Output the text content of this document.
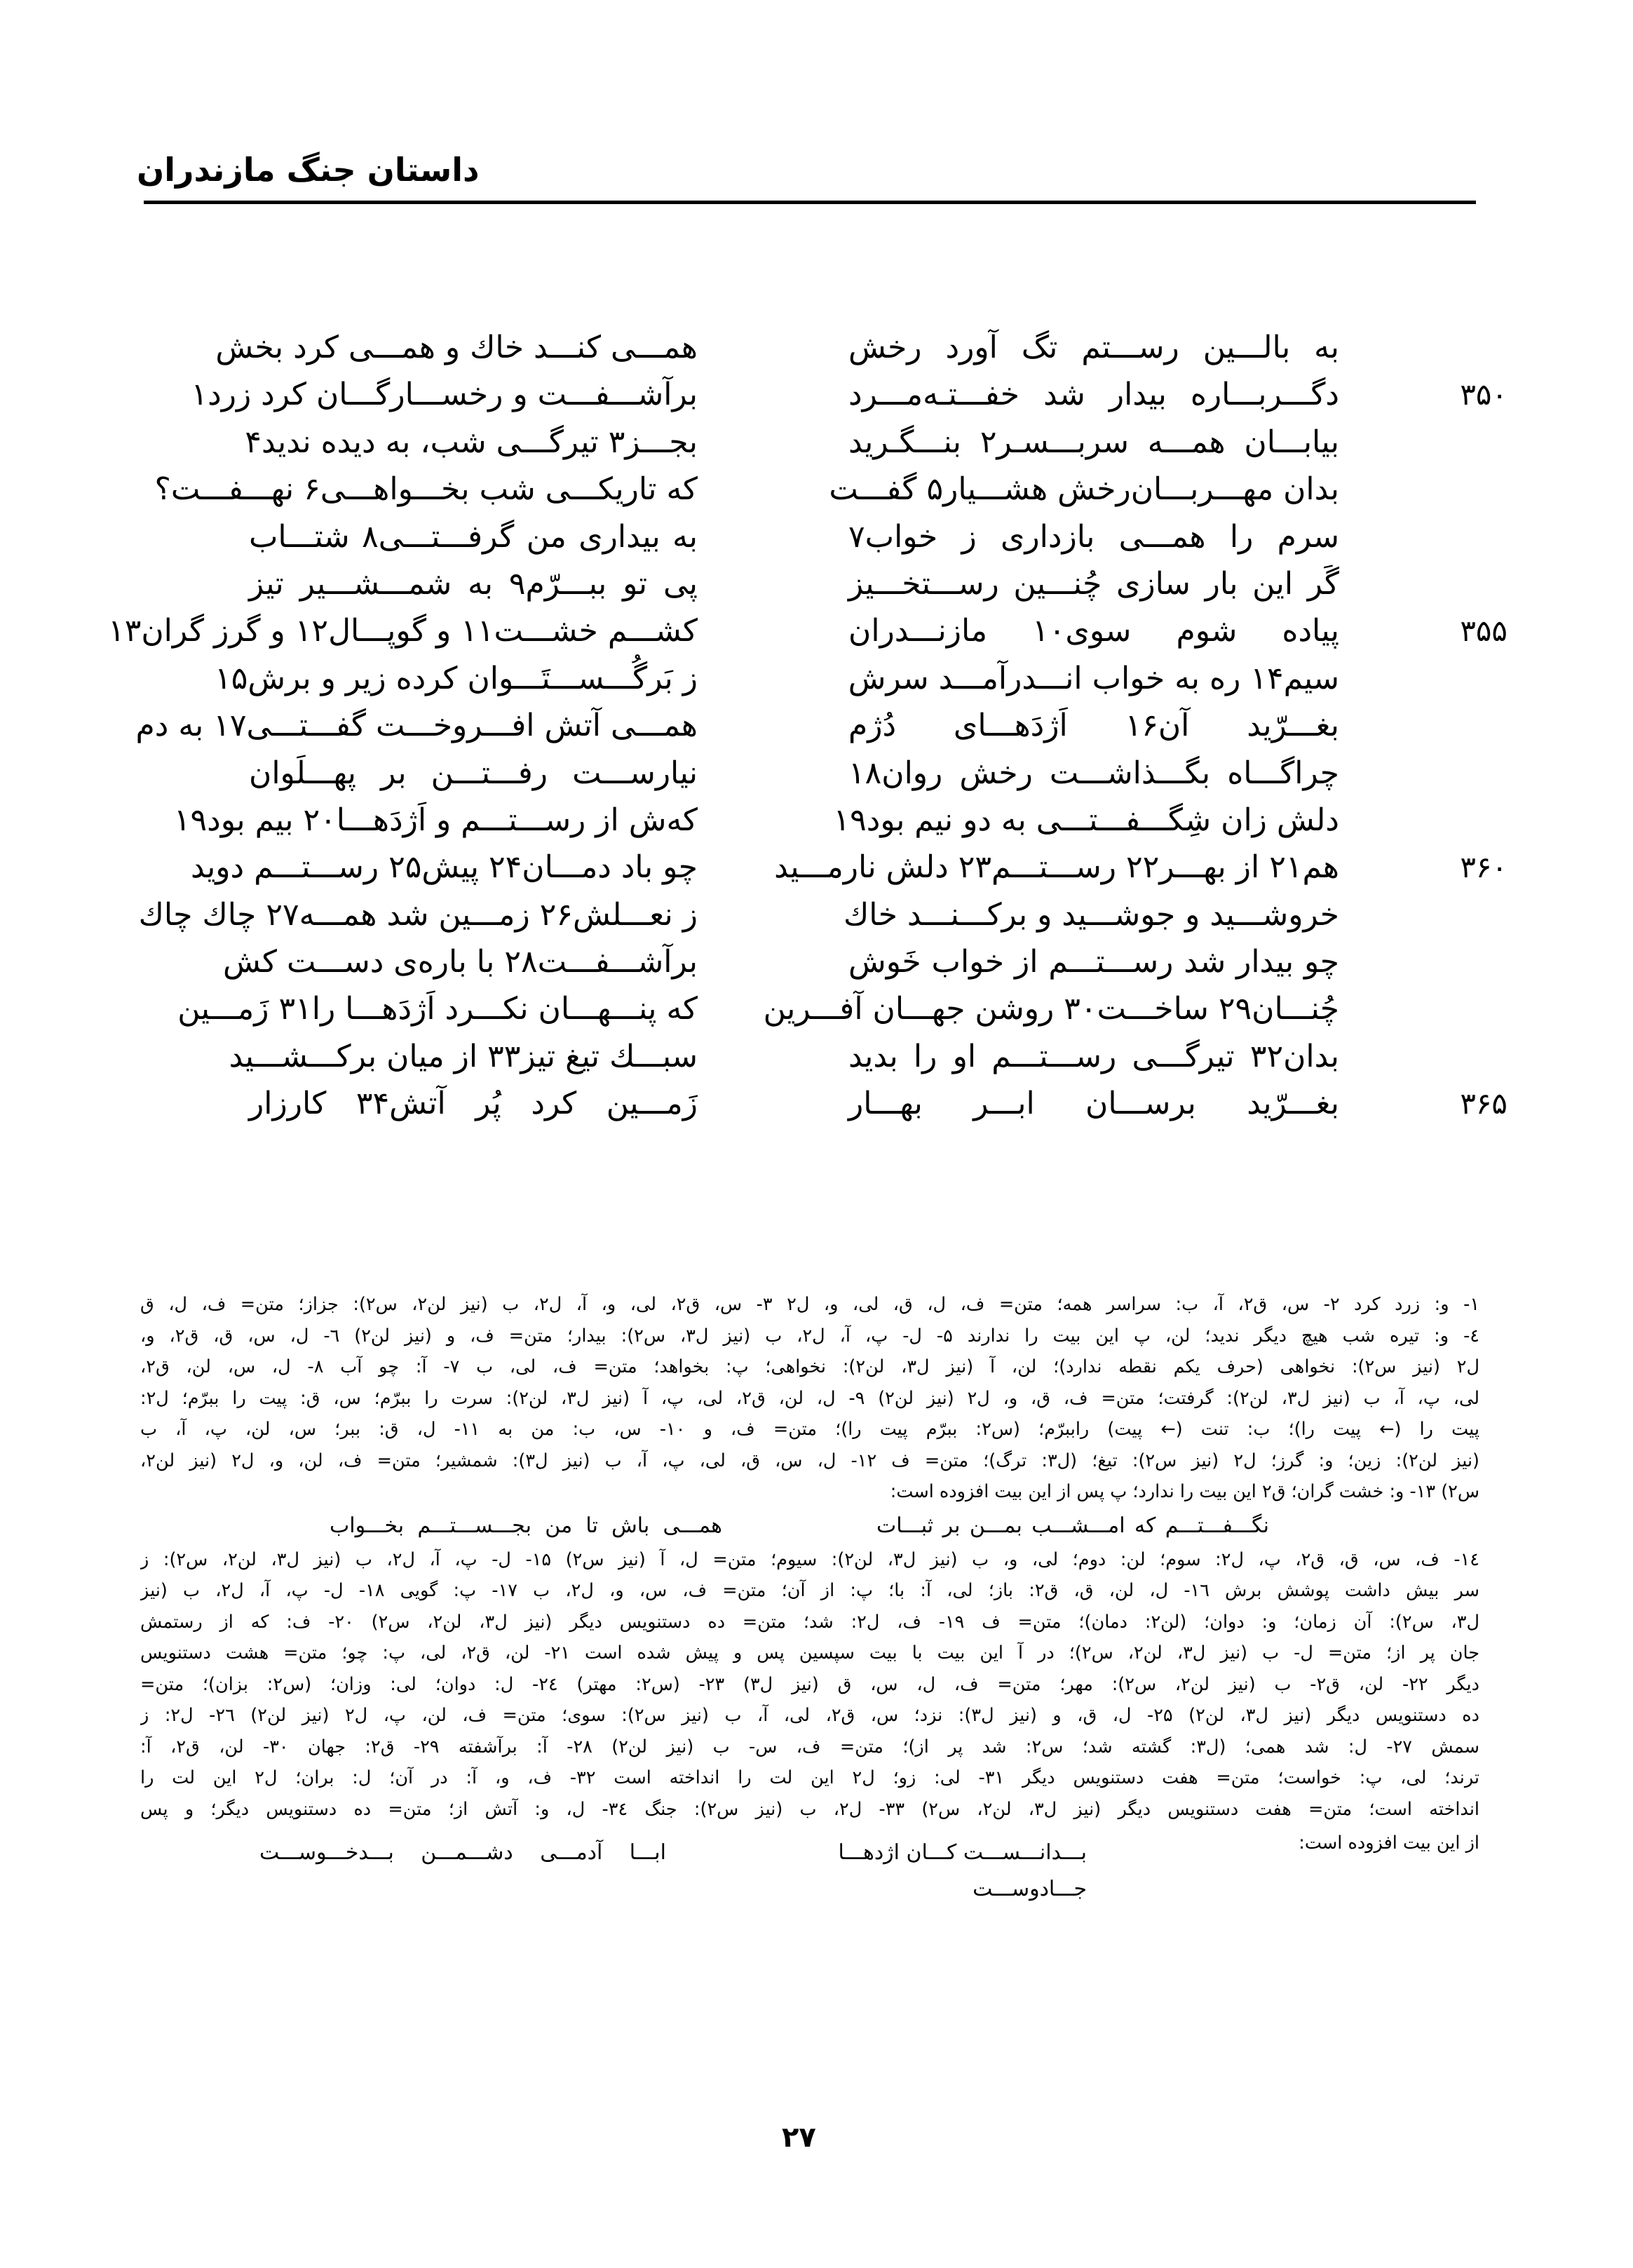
داستان جنگ مازندران
به بالـــین رســـتم تگ آورد رخش
دگـــربـــاره بیدار شد خفـــتـه‌مـــرد	۳۵۰
بیابـــان همـــه سربـــسـر۲ بنـــگـرید
بدان مهـــربـــان‌رخش هشـــیار۵ گفـــت
سرم را همـــی بازداری ز خواب۷
گَر این بار سازی چُنـــین رســـتخـــیز
پیاده شوم سوی۱۰ مازنـــدران	۳۵۵
سیم۱۴ ره به خواب انـــدرآمـــد سرش
بغـــرّید آن۱۶ اَژدَهـــای دُژم
چراگـــاه بگـــذاشـــت رخش روان۱۸
دلش زان شِگـــفـــتـــی به دو نیم بود۱۹
هم۲۱ از بهـــر۲۲ رســـتـــم۲۳ دلش نارمـــید	۳۶۰
خروشـــید و جوشـــید و برکـــنـــد خاك
چو بیدار شد رســـتـــم از خواب خَوش
چُنـــان۲۹ ساخـــت۳۰ روشن جهـــان آفـــرین
بدان۳۲ تیرگـــی رســـتـــم او را بدید
بغـــرّید برســـان ابـــر بهـــار	۳۶۵
همـــی کنـــد خاك و همـــی کرد بخش
برآشـــفـــت و رخســـارگـــان کرد زرد۱
بجـــز۳ تیرگـــی شب، به دیده ندید۴
که تاریکـــی شب بخـــواهـــی۶ نهـــفـــت؟
به بیداری من گرفـــتـــی۸ شتـــاب
پی تو ببـــرّم۹ به شمـــشـــیر تیز
کشـــم خشـــت۱۱ و گوپـــال۱۲ و گرز گران۱۳
ز بَرگُـــســـتَـــوان کرده زیر و برش۱۵
همـــی آتش افـــروخـــت گفـــتـــی۱۷ به دم
نیارســـت رفـــتـــن بر پهـــلَوان
که‌ش از رســـتـــم و اَژدَهـــا۲۰ بیم بود۱۹
چو باد دمـــان۲۴ پیش۲۵ رســـتـــم دوید
ز نعـــلش۲۶ زمـــین شد همـــه۲۷ چاك چاك
برآشـــفـــت۲۸ با باره‌ی دســـت کش
که پنـــهـــان نکـــرد اَژدَهـــا را۳۱ زَمـــین
سبـــك تیغ تیز۳۳ از میان برکـــشـــید
زَمـــین کرد پُر آتش۳۴ کارزار
۱- و: زرد کرد ۲- س، ق۲، آ، ب: سراسر همه؛ متن= ف، ل، ق، لی، و، ل۲ ۳- س، ق۲، لی، و، آ، ل۲، ب (نیز لن۲، س۲): جزاز؛ متن= ف، ل، ق
٤- و: تیره شب هیچ دیگر ندید؛ لن، پ این بیت را ندارند ۵- ل- پ، آ، ل۲، ب (نیز ل۳، س۲): بیدار؛ متن= ف، و (نیز لن۲) ٦- ل، س، ق، ق۲، و،
ل۲ (نیز س۲): نخواهی (حرف یکم نقطه ندارد)؛ لن، آ (نیز ل۳، لن۲): نخواهی؛ پ: بخواهد؛ متن= ف، لی، ب ۷- آ: چو آب ۸- ل، س، لن، ق۲،
لی، پ، آ، ب (نیز ل۳، لن۲): گرفتت؛ متن= ف، ق، و، ل۲ (نیز لن۲) ۹- ل، لن، ق۲، لی، پ، آ (نیز ل۳، لن۲): سرت را ببرّم؛ س، ق: پیت را ببرّم؛ ل۲:
پیت را (← پیت را)؛ ب: تنت (← پیت) راببرّم؛ (س۲: ببرّم پیت را)؛ متن= ف، و ۱۰- س، ب: من به ۱۱- ل، ق: ببر؛ س، لن، پ، آ، ب
(نیز لن۲): زین؛ و: گرز؛ ل۲ (نیز س۲): تیغ؛ (ل۳: ترگ)؛ متن= ف ۱۲- ل، س، ق، لی، پ، آ، ب (نیز ل۳): شمشیر؛ متن= ف، لن، و، ل۲ (نیز لن۲،
س۲) ۱۳- و: خشت گران؛ ق۲ این بیت را ندارد؛ پ پس از این بیت افزوده است:
نگـــفـــتـــم که امـــشـــب بمـــن بر ثبـــات
همـــی باش تا من بجـــســـتـــم بخـــواب
۱٤- ف، س، ق، ق۲، پ، ل۲: سوم؛ لن: دوم؛ لی، و، ب (نیز ل۳، لن۲): سیوم؛ متن= ل، آ (نیز س۲) ۱۵- ل- پ، آ، ل۲، ب (نیز ل۳، لن۲، س۲): ز
سر بیش داشت پوشش برش ۱٦- ل، لن، ق، ق۲: باز؛ لی، آ: با؛ پ: از آن؛ متن= ف، س، و، ل۲، ب ۱۷- پ: گویی ۱۸- ل- پ، آ، ل۲، ب (نیز
ل۳، س۲): آن زمان؛ و: دوان؛ (لن۲: دمان)؛ متن= ف ۱۹- ف، ل۲: شد؛ متن= ده دستنویس دیگر (نیز ل۳، لن۲، س۲) ۲۰- ف: که از رستمش
جان پر از؛ متن= ل- ب (نیز ل۳، لن۲، س۲)؛ در آ این بیت با بیت سپسین پس و پیش شده است ۲۱- لن، ق۲، لی، پ: چو؛ متن= هشت دستنویس
دیگر ۲۲- لن، ق۲- ب (نیز لن۲، س۲): مهر؛ متن= ف، ل، س، ق (نیز ل۳) ۲۳- (س۲: مهتر) ۲٤- ل: دوان؛ لی: وزان؛ (س۲: بزان)؛ متن=
ده دستنویس دیگر (نیز ل۳، لن۲) ۲۵- ل، ق، و (نیز ل۳): نزد؛ س، ق۲، لی، آ، ب (نیز س۲): سوی؛ متن= ف، لن، پ، ل۲ (نیز لن۲) ۲٦- ل۲: ز
سمش ۲۷- ل: شد همی؛ (ل۳: گشته شد؛ س۲: شد پر از)؛ متن= ف، س- ب (نیز لن۲) ۲۸- آ: برآشفته ۲۹- ق۲: جهان ۳۰- لن، ق۲، آ:
ترند؛ لی، پ: خواست؛ متن= هفت دستنویس دیگر ۳۱- لی: زو؛ ل۲ این لت را انداخته است ۳۲- ف، و، آ: در آن؛ ل: بران؛ ل۲ این لت را
انداخته است؛ متن= هفت دستنویس دیگر (نیز ل۳، لن۲، س۲) ۳۳- ل۲، ب (نیز س۲): جنگ ۳٤- ل، و: آتش از؛ متن= ده دستنویس دیگر؛ و پس
از این بیت افزوده است:
بـــدانـــســـت کـــان اژدهـــا جـــادوســـت
ابـــا آدمـــی دشـــمـــن بـــدخـــوســـت
۲۷
